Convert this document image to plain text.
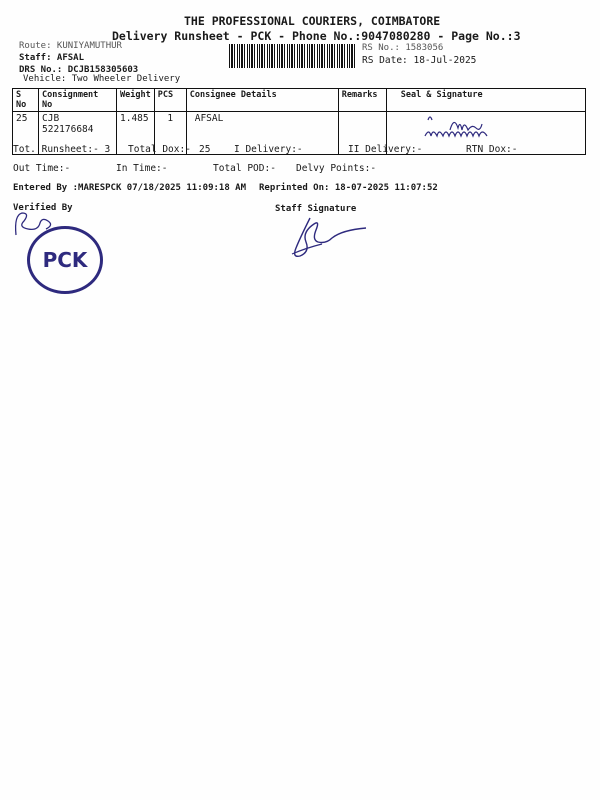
THE PROFESSIONAL COURIERS, COIMBATORE
Delivery Runsheet - PCK - Phone No.:9047080280 - Page No.:3
Route: KUNIYAMUTHUR
Staff: AFSAL
DRS No.: DCJB158305603
Vehicle: Two Wheeler Delivery
RS No.: 1583056
RS Date: 18-Jul-2025
S No	Consignment No	Weight	PCS	Consignee Details	Remarks	Seal & Signature
25	CJB 522176684	1.485	1	AFSAL		
Tot. Runsheet:- 3 Total Dox:- 25 I Delivery:-	II Delivery:-	RTN Dox:-
Out Time:-	In Time:-	Total POD:- Delvy Points:-
Entered By :MARESPCK 07/18/2025 11:09:18 AM Reprinted On: 18-07-2025 11:07:52
Verified By	Staff Signature
PCK
